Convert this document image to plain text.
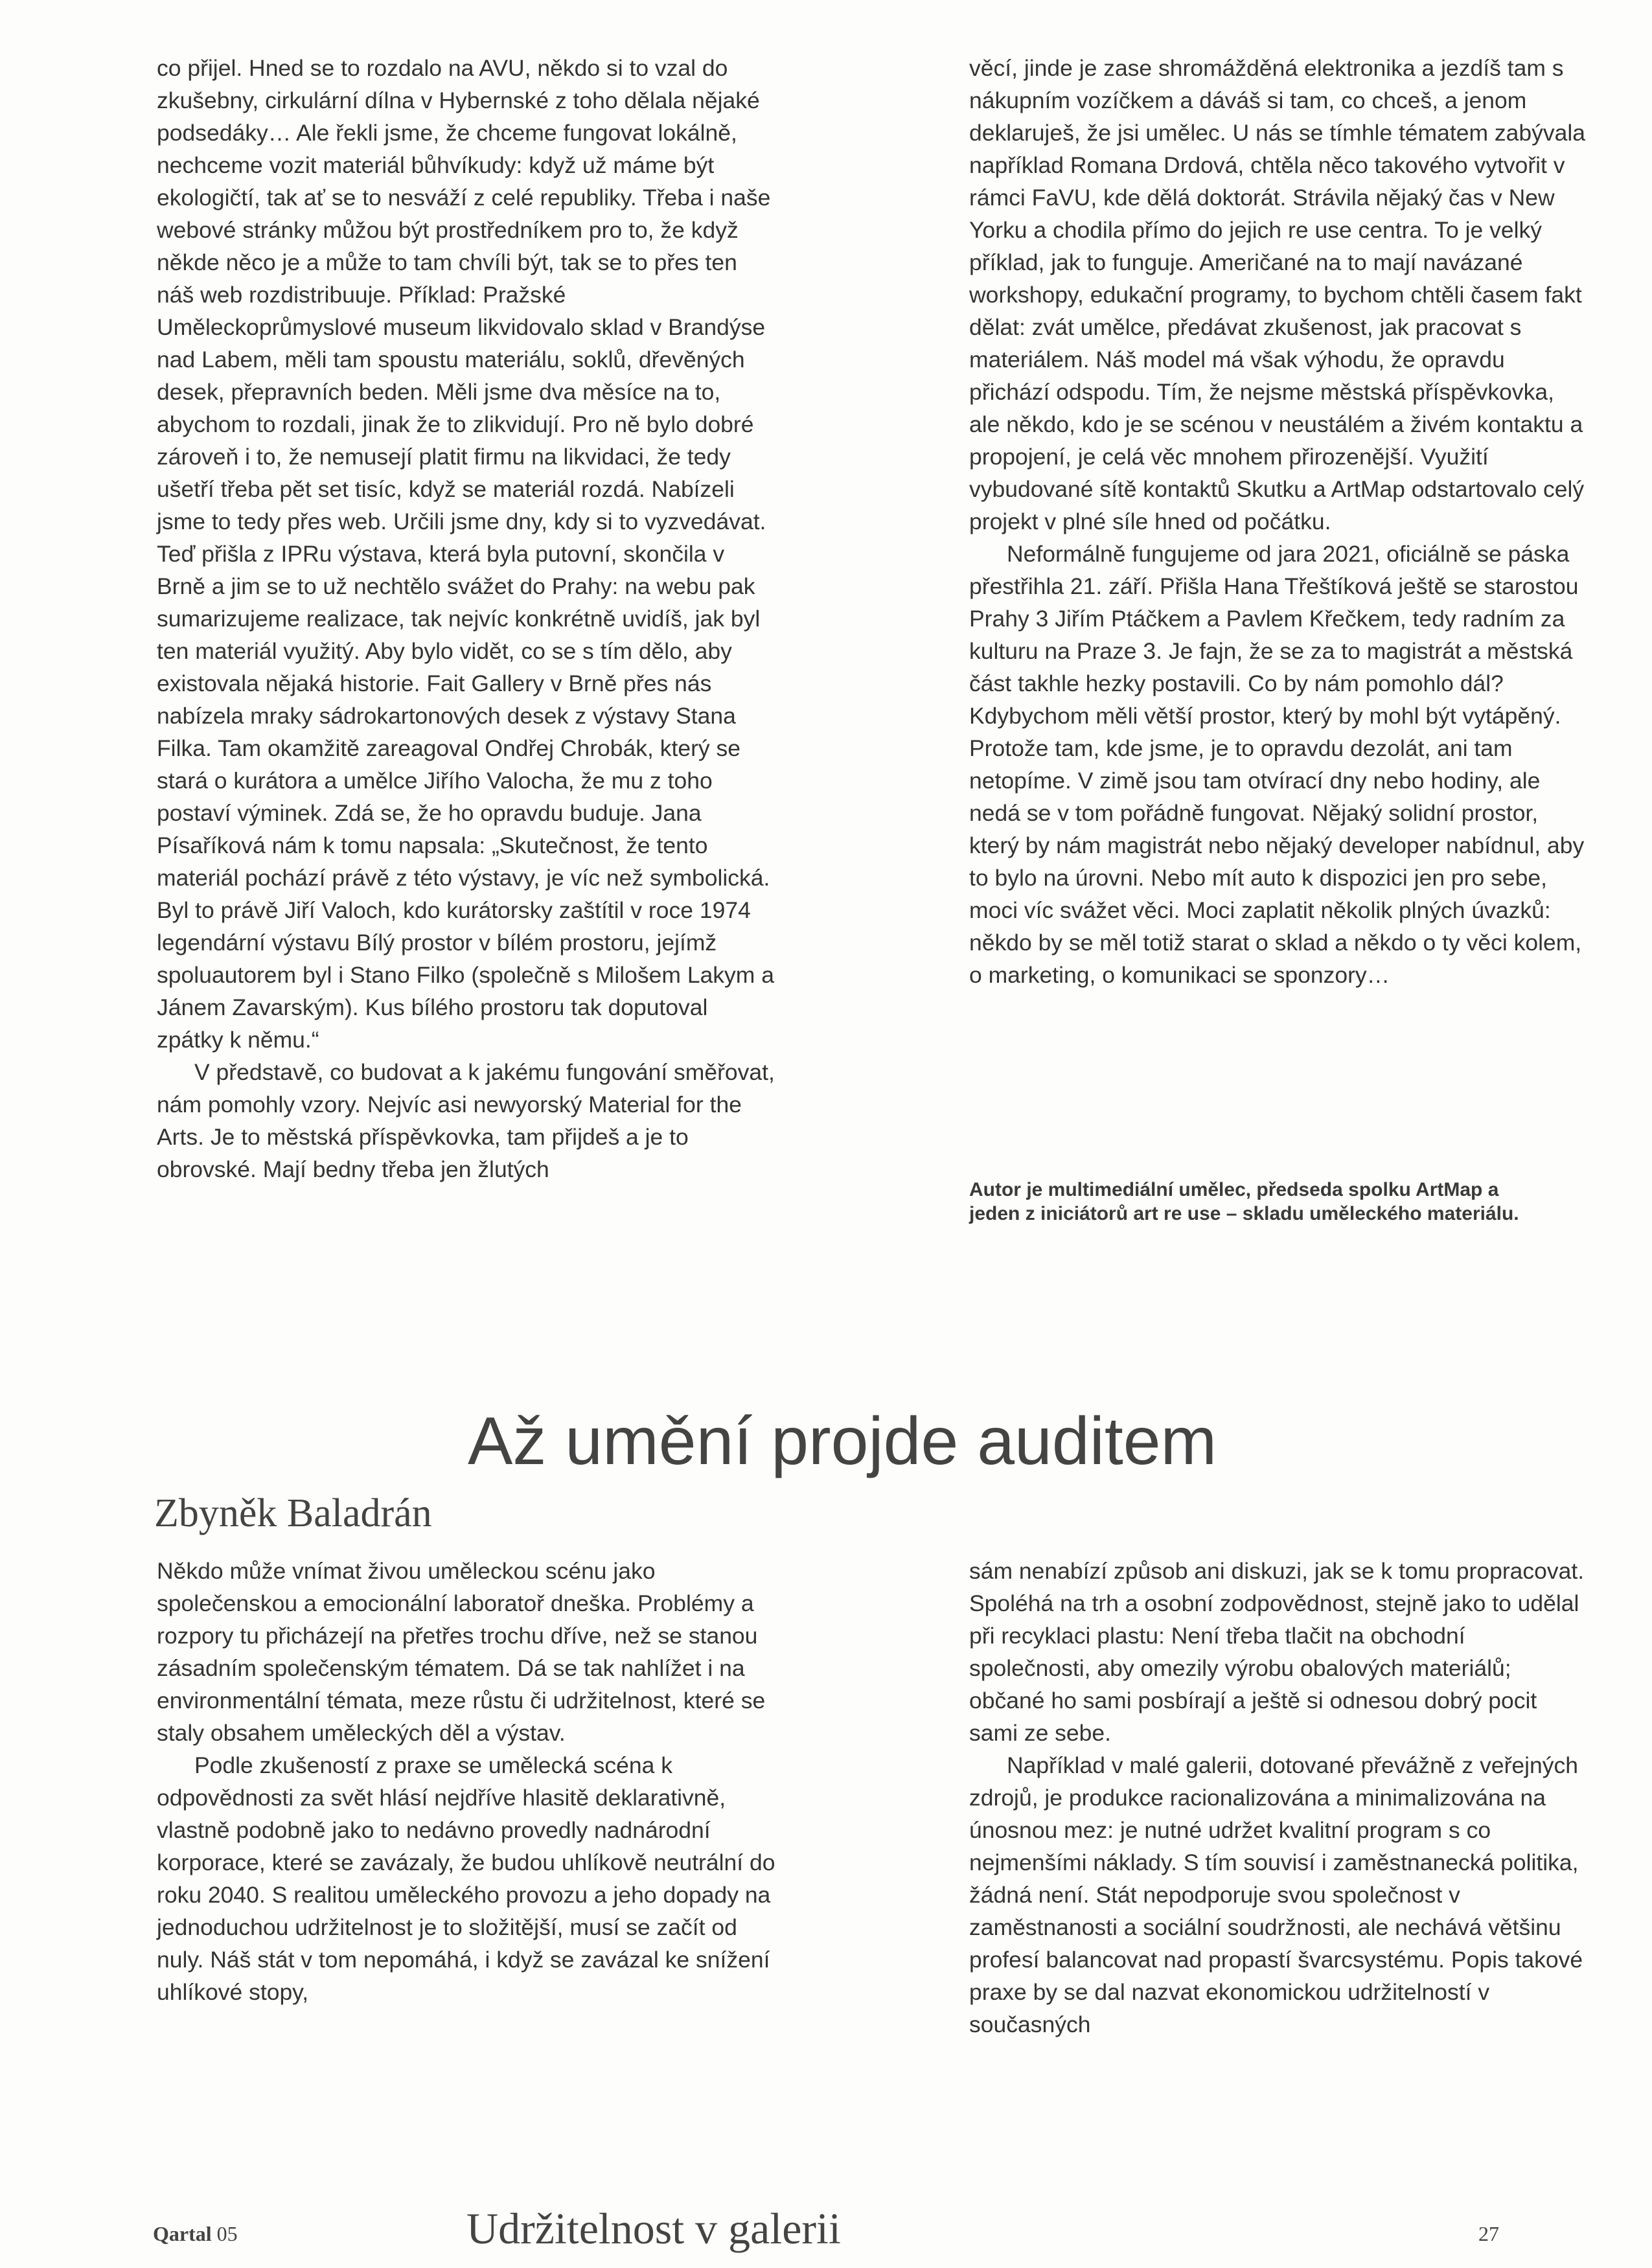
co přijel. Hned se to rozdalo na AVU, někdo si to vzal do zkušebny, cirkulární dílna v Hybernské z toho dělala nějaké podsedáky… Ale řekli jsme, že chceme fungovat lokálně, nechceme vozit materiál bůhvíkudy: když už máme být ekologičtí, tak ať se to nesváží z celé republiky. Třeba i naše webové stránky můžou být prostředníkem pro to, že když někde něco je a může to tam chvíli být, tak se to přes ten náš web rozdistribuuje. Příklad: Pražské Uměleckoprůmyslové museum likvidovalo sklad v Brandýse nad Labem, měli tam spoustu materiálu, soklů, dřevěných desek, přepravních beden. Měli jsme dva měsíce na to, abychom to rozdali, jinak že to zlikvidují. Pro ně bylo dobré zároveň i to, že nemusejí platit firmu na likvidaci, že tedy ušetří třeba pět set tisíc, když se materiál rozdá. Nabízeli jsme to tedy přes web. Určili jsme dny, kdy si to vyzvedávat. Teď přišla z IPRu výstava, která byla putovní, skončila v Brně a jim se to už nechtělo svážet do Prahy: na webu pak sumarizujeme realizace, tak nejvíc konkrétně uvidíš, jak byl ten materiál využitý. Aby bylo vidět, co se s tím dělo, aby existovala nějaká historie. Fait Gallery v Brně přes nás nabízela mraky sádrokartonových desek z výstavy Stana Filka. Tam okamžitě zareagoval Ondřej Chrobák, který se stará o kurátora a umělce Jiřího Valocha, že mu z toho postaví výminek. Zdá se, že ho opravdu buduje. Jana Písaříková nám k tomu napsala: „Skutečnost, že tento materiál pochází právě z této výstavy, je víc než symbolická. Byl to právě Jiří Valoch, kdo kurátorsky zaštítil v roce 1974 legendární výstavu Bílý prostor v bílém prostoru, jejímž spoluautorem byl i Stano Filko (společně s Milošem Lakym a Jánem Zavarským). Kus bílého prostoru tak doputoval zpátky k němu.“

V představě, co budovat a k jakému fungování směřovat, nám pomohly vzory. Nejvíc asi newyorský Material for the Arts. Je to městská příspěvkovka, tam přijdeš a je to obrovské. Mají bedny třeba jen žlutých

věcí, jinde je zase shromážděná elektronika a jezdíš tam s nákupním vozíčkem a dáváš si tam, co chceš, a jenom deklaruješ, že jsi umělec. U nás se tímhle tématem zabývala například Romana Drdová, chtěla něco takového vytvořit v rámci FaVU, kde dělá doktorát. Strávila nějaký čas v New Yorku a chodila přímo do jejich re use centra. To je velký příklad, jak to funguje. Američané na to mají navázané workshopy, edukační programy, to bychom chtěli časem fakt dělat: zvát umělce, předávat zkušenost, jak pracovat s materiálem. Náš model má však výhodu, že opravdu přichází odspodu. Tím, že nejsme městská příspěvkovka, ale někdo, kdo je se scénou v neustálém a živém kontaktu a propojení, je celá věc mnohem přirozenější. Využití vybudované sítě kontaktů Skutku a ArtMap odstartovalo celý projekt v plné síle hned od počátku.

Neformálně fungujeme od jara 2021, oficiálně se páska přestřihla 21. září. Přišla Hana Třeštíková ještě se starostou Prahy 3 Jiřím Ptáčkem a Pavlem Křečkem, tedy radním za kulturu na Praze 3. Je fajn, že se za to magistrát a městská část takhle hezky postavili. Co by nám pomohlo dál? Kdybychom měli větší prostor, který by mohl být vytápěný. Protože tam, kde jsme, je to opravdu dezolát, ani tam netopíme. V zimě jsou tam otvírací dny nebo hodiny, ale nedá se v tom pořádně fungovat. Nějaký solidní prostor, který by nám magistrát nebo nějaký developer nabídnul, aby to bylo na úrovni. Nebo mít auto k dispozici jen pro sebe, moci víc svážet věci. Moci zaplatit několik plných úvazků: někdo by se měl totiž starat o sklad a někdo o ty věci kolem, o marketing, o komunikaci se sponzory…

Autor je multimediální umělec, předseda spolku ArtMap a jeden z iniciátorů art re use – skladu uměleckého materiálu.
Až umění projde auditem
Zbyněk Baladrán

Někdo může vnímat živou uměleckou scénu jako společenskou a emocionální laboratoř dneška. Problémy a rozpory tu přicházejí na přetřes trochu dříve, než se stanou zásadním společenským tématem. Dá se tak nahlížet i na environmentální témata, meze růstu či udržitelnost, které se staly obsahem uměleckých děl a výstav.

Podle zkušeností z praxe se umělecká scéna k odpovědnosti za svět hlásí nejdříve hlasitě deklarativně, vlastně podobně jako to nedávno provedly nadnárodní korporace, které se zavázaly, že budou uhlíkově neutrální do roku 2040. S realitou uměleckého provozu a jeho dopady na jednoduchou udržitelnost je to složitější, musí se začít od nuly. Náš stát v tom nepomáhá, i když se zavázal ke snížení uhlíkové stopy,

sám nenabízí způsob ani diskuzi, jak se k tomu propracovat. Spoléhá na trh a osobní zodpovědnost, stejně jako to udělal při recyklaci plastu: Není třeba tlačit na obchodní společnosti, aby omezily výrobu obalových materiálů; občané ho sami posbírají a ještě si odnesou dobrý pocit sami ze sebe.

Například v malé galerii, dotované převážně z veřejných zdrojů, je produkce racionalizována a minimalizována na únosnou mez: je nutné udržet kvalitní program s co nejmenšími náklady. S tím souvisí i zaměstnanecká politika, žádná není. Stát nepodporuje svou společnost v zaměstnanosti a sociální soudržnosti, ale nechává většinu profesí balancovat nad propastí švarcsystému. Popis takové praxe by se dal nazvat ekonomickou udržitelností v současných

Qartal 05	Udržitelnost v galerii	27
